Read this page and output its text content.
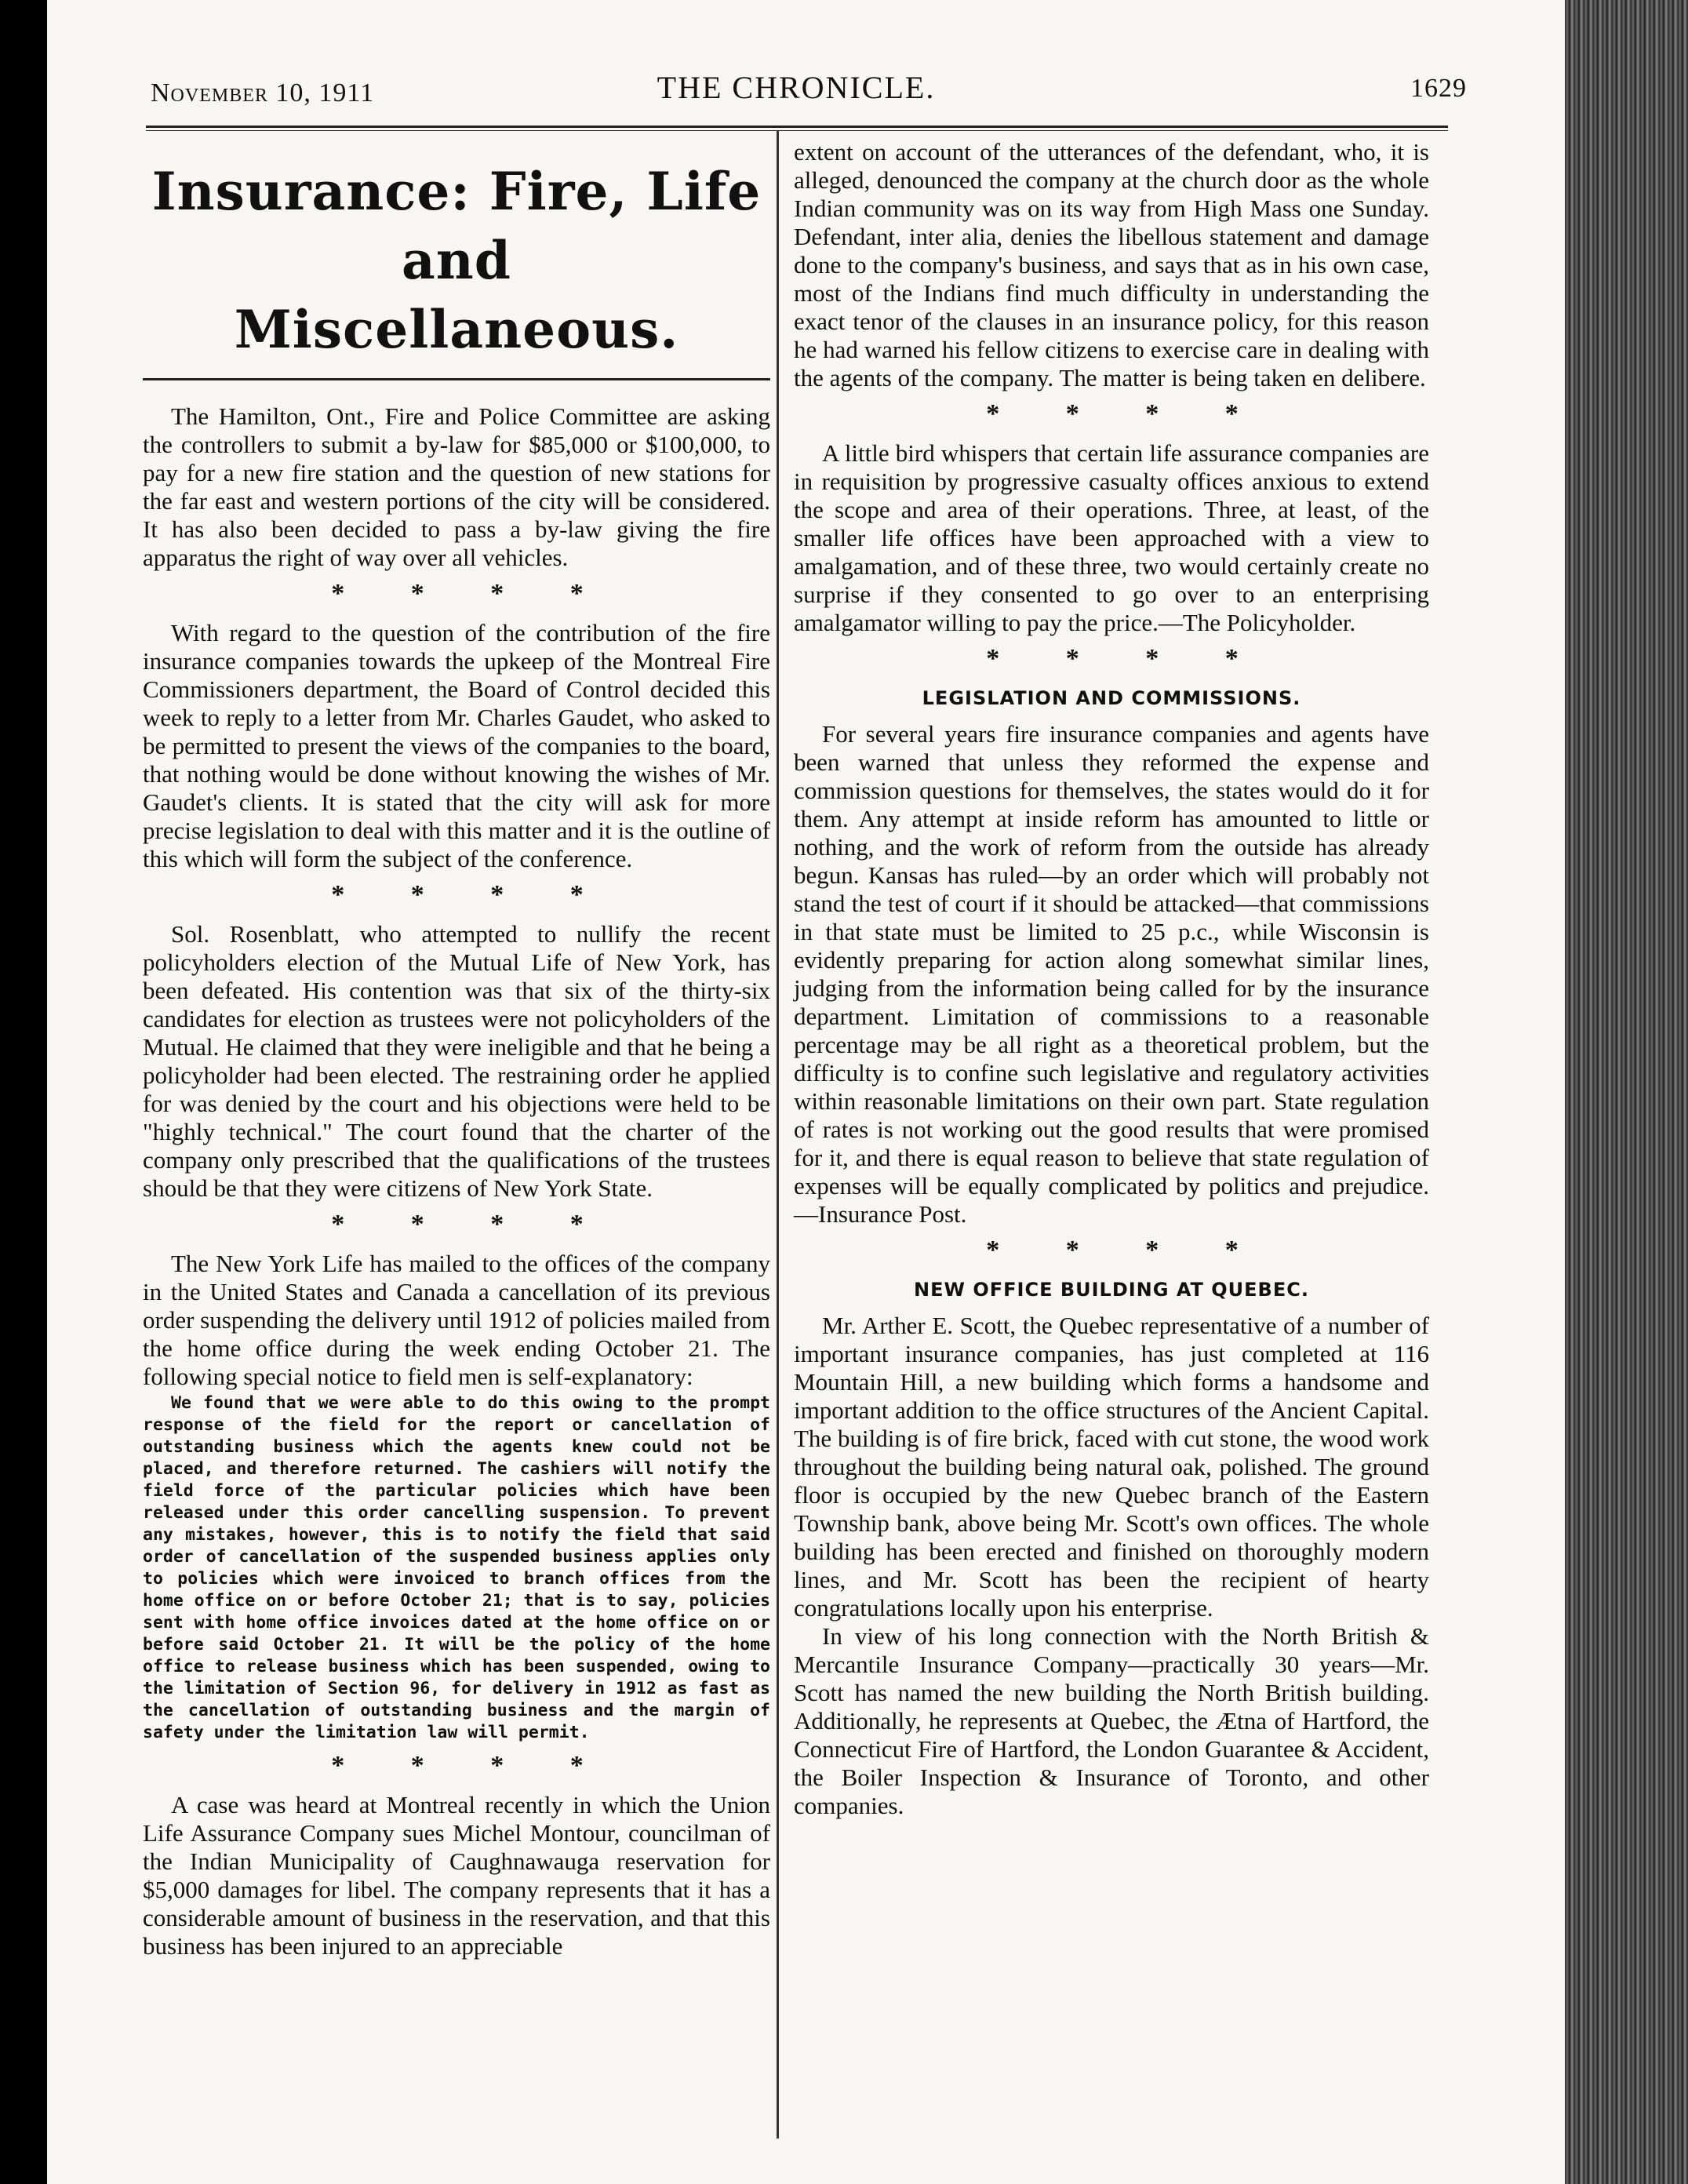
November 10, 1911	THE CHRONICLE.	1629
Insurance: Fire, Life and
Miscellaneous.

The Hamilton, Ont., Fire and Police Committee are asking the controllers to submit a by-law for $85,000 or $100,000, to pay for a new fire station and the question of new stations for the far east and western portions of the city will be considered. It has also been decided to pass a by-law giving the fire apparatus the right of way over all vehicles.

* * * *

With regard to the question of the contribution of the fire insurance companies towards the upkeep of the Montreal Fire Commissioners department, the Board of Control decided this week to reply to a letter from Mr. Charles Gaudet, who asked to be permitted to present the views of the companies to the board, that nothing would be done without knowing the wishes of Mr. Gaudet's clients. It is stated that the city will ask for more precise legislation to deal with this matter and it is the outline of this which will form the subject of the conference.

* * * *

Sol. Rosenblatt, who attempted to nullify the recent policyholders election of the Mutual Life of New York, has been defeated. His contention was that six of the thirty-six candidates for election as trustees were not policyholders of the Mutual. He claimed that they were ineligible and that he being a policyholder had been elected. The restraining order he applied for was denied by the court and his objections were held to be "highly technical." The court found that the charter of the company only prescribed that the qualifications of the trustees should be that they were citizens of New York State.

* * * *

The New York Life has mailed to the offices of the company in the United States and Canada a cancellation of its previous order suspending the delivery until 1912 of policies mailed from the home office during the week ending October 21. The following special notice to field men is self-explanatory:

We found that we were able to do this owing to the prompt response of the field for the report or cancellation of outstanding business which the agents knew could not be placed, and therefore returned. The cashiers will notify the field force of the particular policies which have been released under this order cancelling suspension. To prevent any mistakes, however, this is to notify the field that said order of cancellation of the suspended business applies only to policies which were invoiced to branch offices from the home office on or before October 21; that is to say, policies sent with home office invoices dated at the home office on or before said October 21. It will be the policy of the home office to release business which has been suspended, owing to the limitation of Section 96, for delivery in 1912 as fast as the cancellation of outstanding business and the margin of safety under the limitation law will permit.
* * * *

A case was heard at Montreal recently in which the Union Life Assurance Company sues Michel Montour, councilman of the Indian Municipality of Caughnawauga reservation for $5,000 damages for libel. The company represents that it has a considerable amount of business in the reservation, and that this business has been injured to an appreciable

extent on account of the utterances of the defendant, who, it is alleged, denounced the company at the church door as the whole Indian community was on its way from High Mass one Sunday. Defendant, inter alia, denies the libellous statement and damage done to the company's business, and says that as in his own case, most of the Indians find much difficulty in understanding the exact tenor of the clauses in an insurance policy, for this reason he had warned his fellow citizens to exercise care in dealing with the agents of the company. The matter is being taken en delibere.

* * * *

A little bird whispers that certain life assurance companies are in requisition by progressive casualty offices anxious to extend the scope and area of their operations. Three, at least, of the smaller life offices have been approached with a view to amalgamation, and of these three, two would certainly create no surprise if they consented to go over to an enterprising amalgamator willing to pay the price.—The Policyholder.

* * * *
LEGISLATION AND COMMISSIONS.

For several years fire insurance companies and agents have been warned that unless they reformed the expense and commission questions for themselves, the states would do it for them. Any attempt at inside reform has amounted to little or nothing, and the work of reform from the outside has already begun. Kansas has ruled—by an order which will probably not stand the test of court if it should be attacked—that commissions in that state must be limited to 25 p.c., while Wisconsin is evidently preparing for action along somewhat similar lines, judging from the information being called for by the insurance department. Limitation of commissions to a reasonable percentage may be all right as a theoretical problem, but the difficulty is to confine such legislative and regulatory activities within reasonable limitations on their own part. State regulation of rates is not working out the good results that were promised for it, and there is equal reason to believe that state regulation of expenses will be equally complicated by politics and prejudice.—Insurance Post.

* * * *
NEW OFFICE BUILDING AT QUEBEC.

Mr. Arther E. Scott, the Quebec representative of a number of important insurance companies, has just completed at 116 Mountain Hill, a new building which forms a handsome and important addition to the office structures of the Ancient Capital. The building is of fire brick, faced with cut stone, the wood work throughout the building being natural oak, polished. The ground floor is occupied by the new Quebec branch of the Eastern Township bank, above being Mr. Scott's own offices. The whole building has been erected and finished on thoroughly modern lines, and Mr. Scott has been the recipient of hearty congratulations locally upon his enterprise.

In view of his long connection with the North British & Mercantile Insurance Company—practically 30 years—Mr. Scott has named the new building the North British building. Additionally, he represents at Quebec, the Ætna of Hartford, the Connecticut Fire of Hartford, the London Guarantee & Accident, the Boiler Inspection & Insurance of Toronto, and other companies.
